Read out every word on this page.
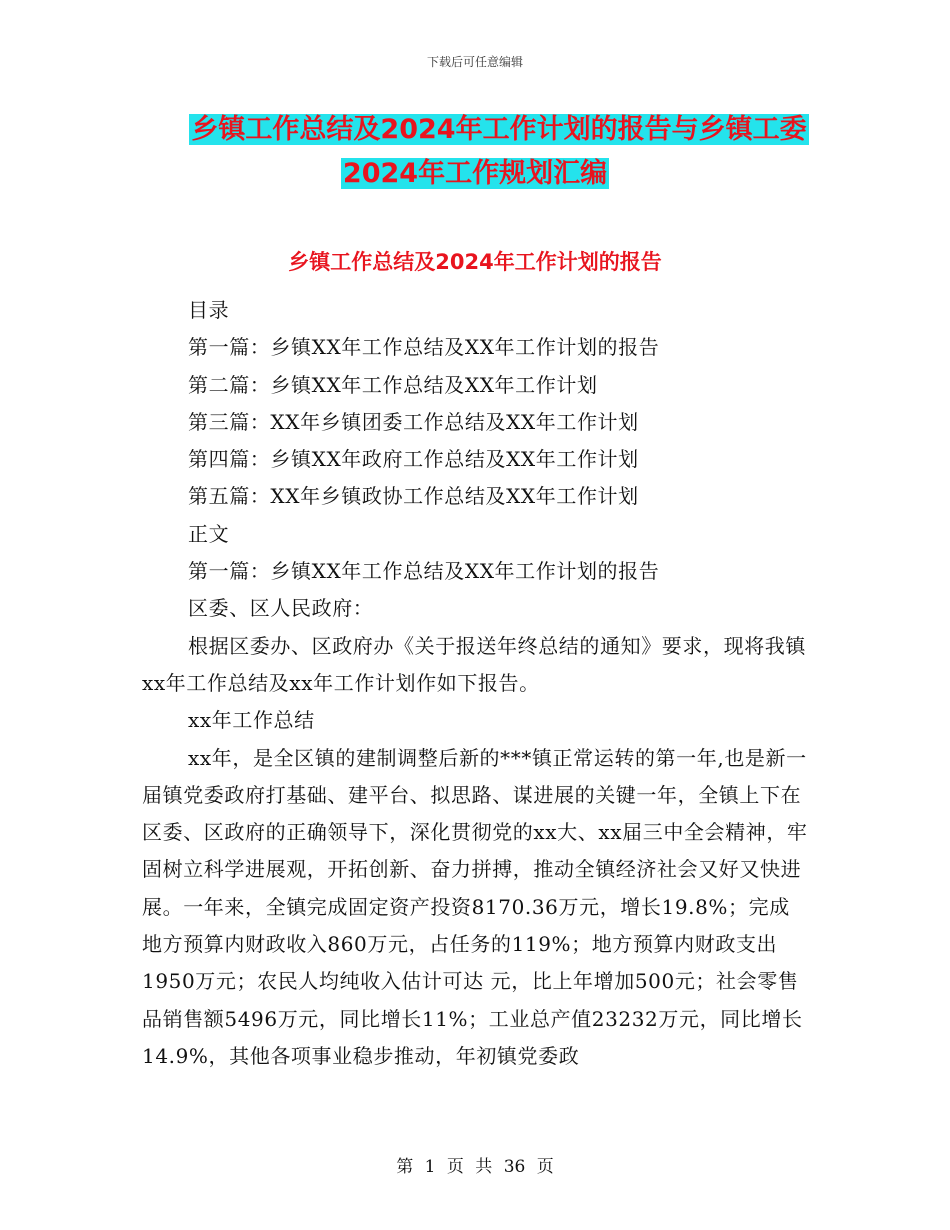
下载后可任意编辑
乡镇工作总结及2024年工作计划的报告与乡镇工委
2024年工作规划汇编
乡镇工作总结及2024年工作计划的报告

目录

第一篇：乡镇XX年工作总结及XX年工作计划的报告

第二篇：乡镇XX年工作总结及XX年工作计划

第三篇：XX年乡镇团委工作总结及XX年工作计划

第四篇：乡镇XX年政府工作总结及XX年工作计划

第五篇：XX年乡镇政协工作总结及XX年工作计划

正文

第一篇：乡镇XX年工作总结及XX年工作计划的报告

区委、区人民政府：

根据区委办、区政府办《关于报送年终总结的通知》要求，现将我镇xx年工作总结及xx年工作计划作如下报告。

xx年工作总结

xx年，是全区镇的建制调整后新的***镇正常运转的第一年,也是新一届镇党委政府打基础、建平台、拟思路、谋进展的关键一年，全镇上下在区委、区政府的正确领导下，深化贯彻党的xx大、xx届三中全会精神，牢固树立科学进展观，开拓创新、奋力拼搏，推动全镇经济社会又好又快进展。一年来，全镇完成固定资产投资8170.36万元，增长19.8%；完成地方预算内财政收入860万元，占任务的119%；地方预算内财政支出1950万元；农民人均纯收入估计可达 元，比上年增加500元；社会零售品销售额5496万元，同比增长11%；工业总产值23232万元，同比增长14.9%，其他各项事业稳步推动，年初镇党委政

第 1 页 共 36 页
